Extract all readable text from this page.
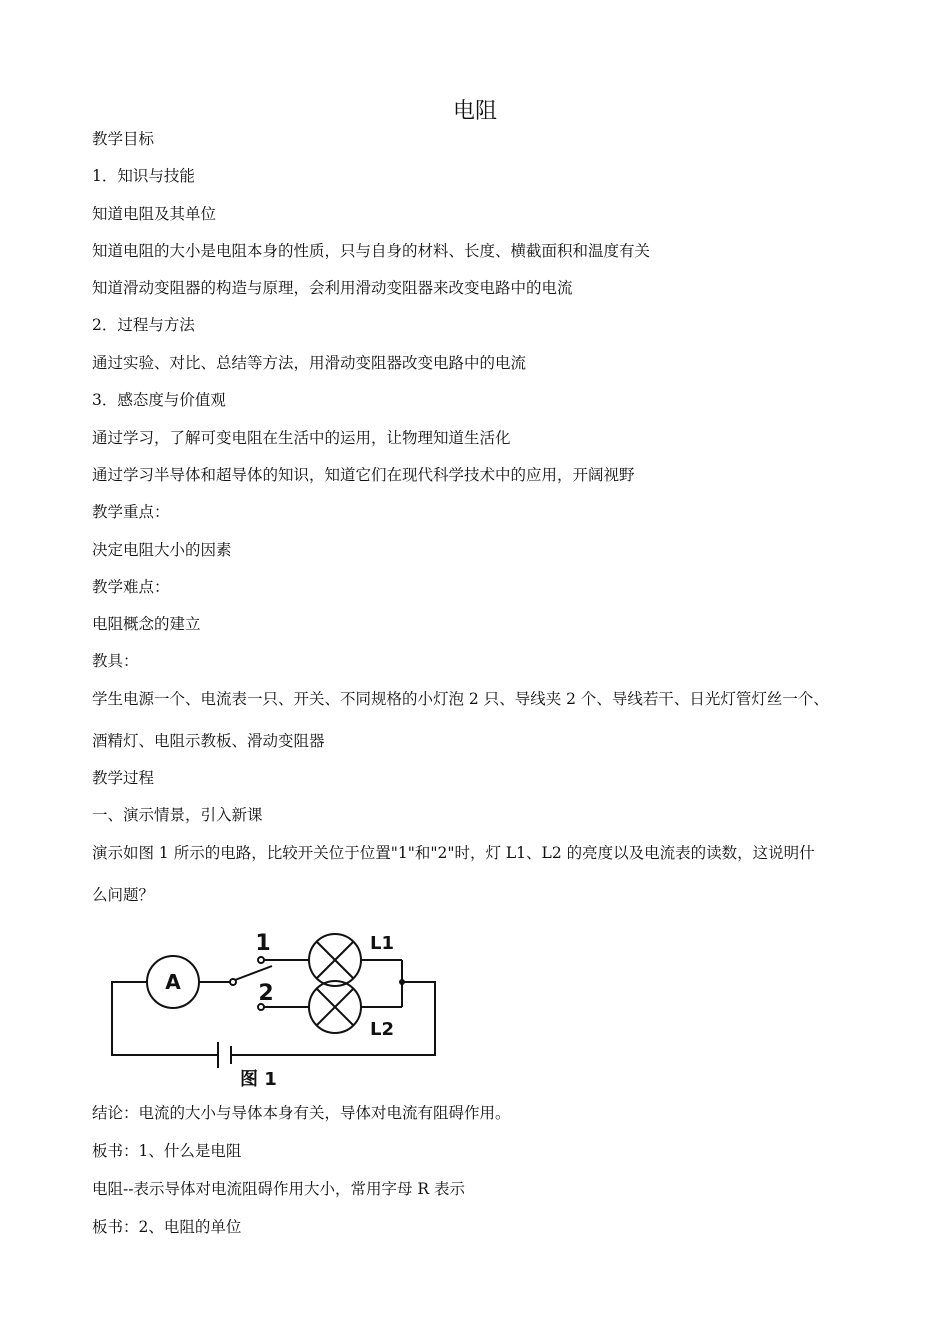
电阻
教学目标
1．知识与技能
知道电阻及其单位
知道电阻的大小是电阻本身的性质，只与自身的材料、长度、横截面积和温度有关
知道滑动变阻器的构造与原理，会利用滑动变阻器来改变电路中的电流
2．过程与方法
通过实验、对比、总结等方法，用滑动变阻器改变电路中的电流
3．感态度与价值观
通过学习，了解可变电阻在生活中的运用，让物理知道生活化
通过学习半导体和超导体的知识，知道它们在现代科学技术中的应用，开阔视野
教学重点：
决定电阻大小的因素
教学难点：
电阻概念的建立
教具：
学生电源一个、电流表一只、开关、不同规格的小灯泡 2 只、导线夹 2 个、导线若干、日光灯管灯丝一个、
酒精灯、电阻示教板、滑动变阻器
教学过程
一、演示情景，引入新课
演示如图 1 所示的电路，比较开关位于位置"1"和"2"时，灯 L1、L2 的亮度以及电流表的读数，这说明什
么问题？
A
1
2
L1
L2
图 1
结论：电流的大小与导体本身有关，导体对电流有阻碍作用。
板书：1、什么是电阻
电阻--表示导体对电流阻碍作用大小，常用字母 R 表示
板书：2、电阻的单位
